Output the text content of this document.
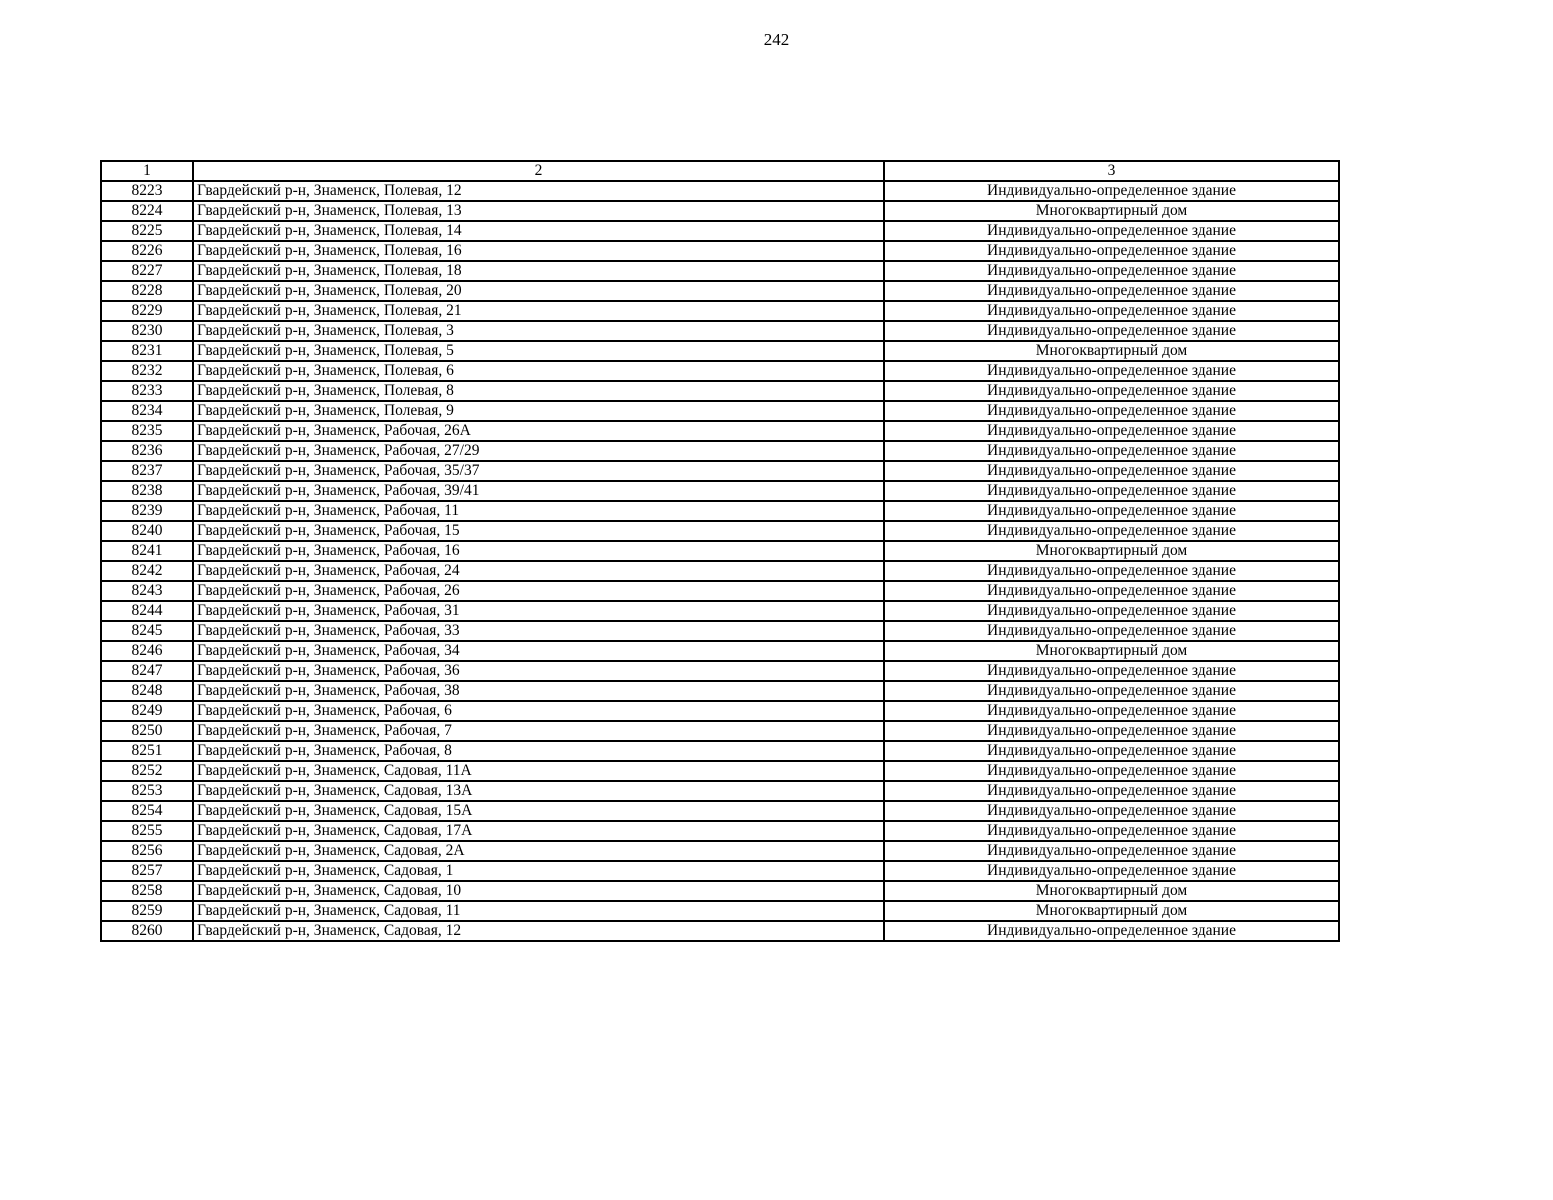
242
1	2	3
8223	Гвардейский р-н, Знаменск, Полевая, 12	Индивидуально-определенное здание
8224	Гвардейский р-н, Знаменск, Полевая, 13	Многоквартирный дом
8225	Гвардейский р-н, Знаменск, Полевая, 14	Индивидуально-определенное здание
8226	Гвардейский р-н, Знаменск, Полевая, 16	Индивидуально-определенное здание
8227	Гвардейский р-н, Знаменск, Полевая, 18	Индивидуально-определенное здание
8228	Гвардейский р-н, Знаменск, Полевая, 20	Индивидуально-определенное здание
8229	Гвардейский р-н, Знаменск, Полевая, 21	Индивидуально-определенное здание
8230	Гвардейский р-н, Знаменск, Полевая, 3	Индивидуально-определенное здание
8231	Гвардейский р-н, Знаменск, Полевая, 5	Многоквартирный дом
8232	Гвардейский р-н, Знаменск, Полевая, 6	Индивидуально-определенное здание
8233	Гвардейский р-н, Знаменск, Полевая, 8	Индивидуально-определенное здание
8234	Гвардейский р-н, Знаменск, Полевая, 9	Индивидуально-определенное здание
8235	Гвардейский р-н, Знаменск, Рабочая, 26А	Индивидуально-определенное здание
8236	Гвардейский р-н, Знаменск, Рабочая, 27/29	Индивидуально-определенное здание
8237	Гвардейский р-н, Знаменск, Рабочая, 35/37	Индивидуально-определенное здание
8238	Гвардейский р-н, Знаменск, Рабочая, 39/41	Индивидуально-определенное здание
8239	Гвардейский р-н, Знаменск, Рабочая, 11	Индивидуально-определенное здание
8240	Гвардейский р-н, Знаменск, Рабочая, 15	Индивидуально-определенное здание
8241	Гвардейский р-н, Знаменск, Рабочая, 16	Многоквартирный дом
8242	Гвардейский р-н, Знаменск, Рабочая, 24	Индивидуально-определенное здание
8243	Гвардейский р-н, Знаменск, Рабочая, 26	Индивидуально-определенное здание
8244	Гвардейский р-н, Знаменск, Рабочая, 31	Индивидуально-определенное здание
8245	Гвардейский р-н, Знаменск, Рабочая, 33	Индивидуально-определенное здание
8246	Гвардейский р-н, Знаменск, Рабочая, 34	Многоквартирный дом
8247	Гвардейский р-н, Знаменск, Рабочая, 36	Индивидуально-определенное здание
8248	Гвардейский р-н, Знаменск, Рабочая, 38	Индивидуально-определенное здание
8249	Гвардейский р-н, Знаменск, Рабочая, 6	Индивидуально-определенное здание
8250	Гвардейский р-н, Знаменск, Рабочая, 7	Индивидуально-определенное здание
8251	Гвардейский р-н, Знаменск, Рабочая, 8	Индивидуально-определенное здание
8252	Гвардейский р-н, Знаменск, Садовая, 11А	Индивидуально-определенное здание
8253	Гвардейский р-н, Знаменск, Садовая, 13А	Индивидуально-определенное здание
8254	Гвардейский р-н, Знаменск, Садовая, 15А	Индивидуально-определенное здание
8255	Гвардейский р-н, Знаменск, Садовая, 17А	Индивидуально-определенное здание
8256	Гвардейский р-н, Знаменск, Садовая, 2А	Индивидуально-определенное здание
8257	Гвардейский р-н, Знаменск, Садовая, 1	Индивидуально-определенное здание
8258	Гвардейский р-н, Знаменск, Садовая, 10	Многоквартирный дом
8259	Гвардейский р-н, Знаменск, Садовая, 11	Многоквартирный дом
8260	Гвардейский р-н, Знаменск, Садовая, 12	Индивидуально-определенное здание
